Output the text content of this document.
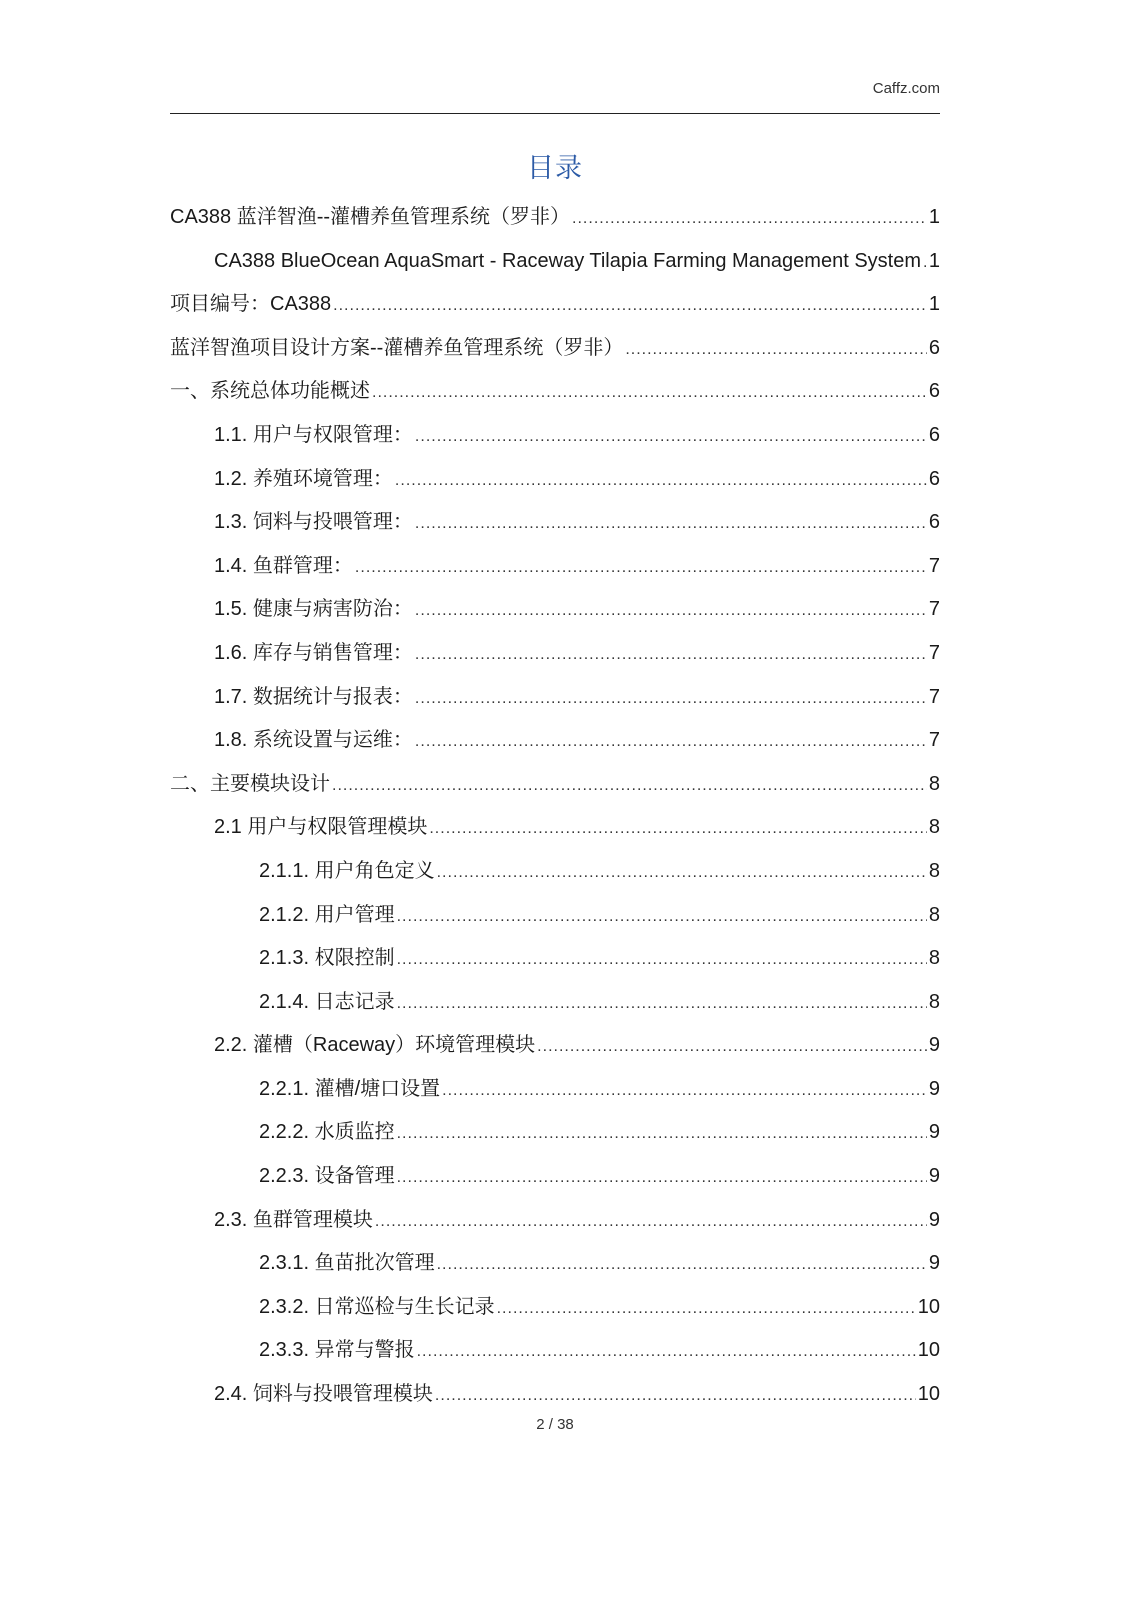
Caffz.com
目录
CA388 蓝洋智渔--灌槽养鱼管理系统（罗非） .....	1
CA388 BlueOcean AquaSmart - Raceway Tilapia Farming Management System ..... 1
项目编号：CA388 .....	1
蓝洋智渔项目设计方案--灌槽养鱼管理系统（罗非） .....	6
一、系统总体功能概述 .....	6
1.1. 用户与权限管理： .....	6
1.2. 养殖环境管理： .....	6
1.3. 饲料与投喂管理： .....	6
1.4. 鱼群管理： .....	7
1.5. 健康与病害防治： .....	7
1.6. 库存与销售管理： .....	7
1.7. 数据统计与报表： .....	7
1.8. 系统设置与运维： .....	7
二、主要模块设计 .....	8
2.1 用户与权限管理模块 .....	8
2.1.1. 用户角色定义 .....	8
2.1.2. 用户管理 .....	8
2.1.3. 权限控制 .....	8
2.1.4. 日志记录 .....	8
2.2. 灌槽（Raceway）环境管理模块 .....	9
2.2.1. 灌槽/塘口设置 .....	9
2.2.2. 水质监控 .....	9
2.2.3. 设备管理 .....	9
2.3. 鱼群管理模块 .....	9
2.3.1. 鱼苗批次管理 .....	9
2.3.2. 日常巡检与生长记录 .....	10
2.3.3. 异常与警报 .....	10
2.4. 饲料与投喂管理模块 .....	10
2 / 38
